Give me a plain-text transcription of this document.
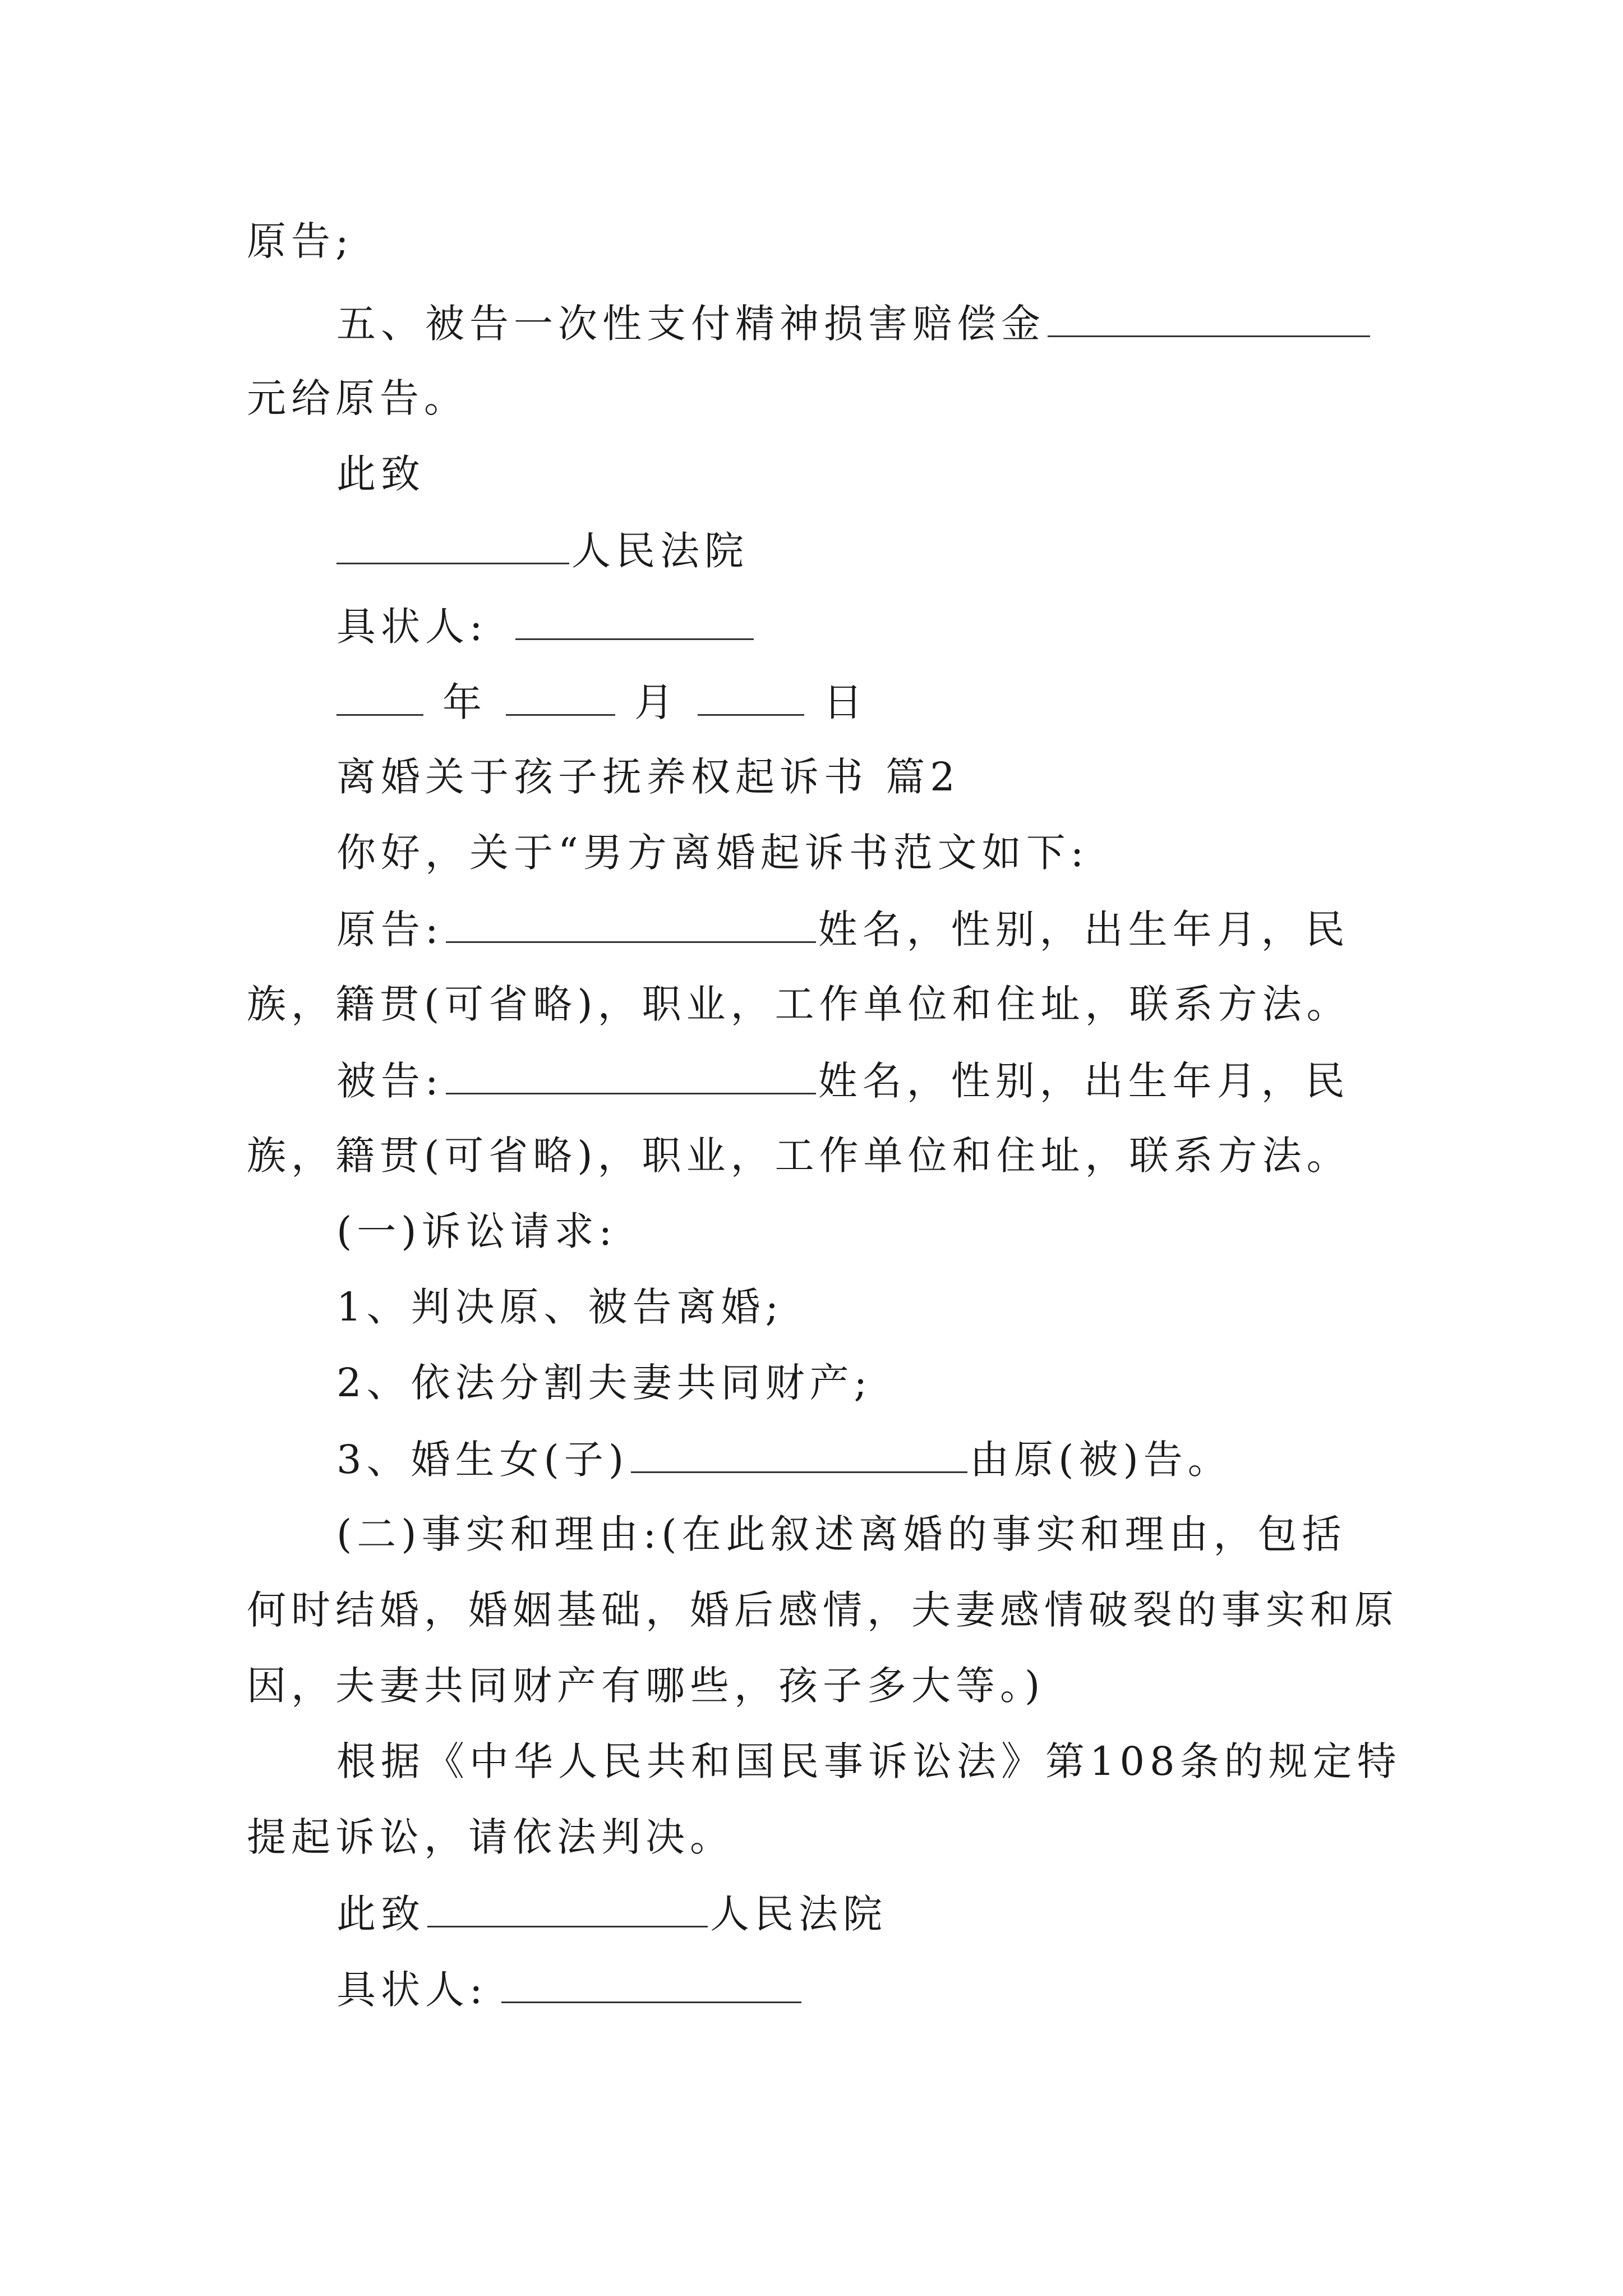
原告;
五、被告一次性支付精神损害赔偿金
元给原告。
此致
人民法院
具状人:
年	月	日
离婚关于孩子抚养权起诉书 篇2
你好，关于“男方离婚起诉书范文如下:
原告:	姓名，性别，出生年月，民
族，籍贯(可省略)，职业，工作单位和住址，联系方法。
被告:	姓名，性别，出生年月，民
族，籍贯(可省略)，职业，工作单位和住址，联系方法。
(一)诉讼请求:
1、判决原、被告离婚;
2、依法分割夫妻共同财产;
3、婚生女(子)	由原(被)告。
(二)事实和理由:(在此叙述离婚的事实和理由，包括
何时结婚，婚姻基础，婚后感情，夫妻感情破裂的事实和原
因，夫妻共同财产有哪些，孩子多大等。)
根据《中华人民共和国民事诉讼法》第108条的规定特
提起诉讼，请依法判决。
此致	人民法院
具状人:
